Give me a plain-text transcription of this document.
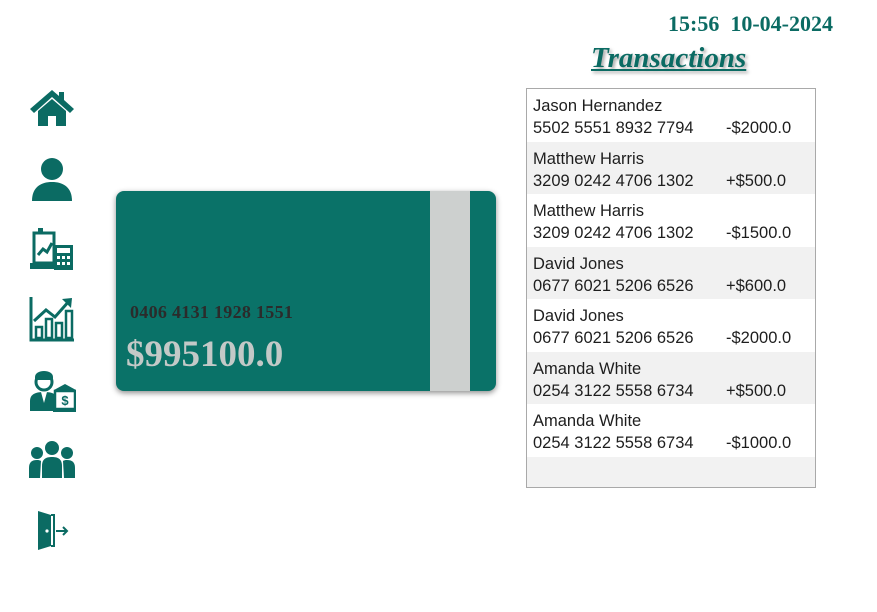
15:56  10-04-2024
Transactions
$
0406 4131 1928 1551
$995100.0
Jason Hernandez
5502 5551 8932 7794	-$2000.0
Matthew Harris
3209 0242 4706 1302	+$500.0
Matthew Harris
3209 0242 4706 1302	-$1500.0
David Jones
0677 6021 5206 6526	+$600.0
David Jones
0677 6021 5206 6526	-$2000.0
Amanda White
0254 3122 5558 6734	+$500.0
Amanda White
0254 3122 5558 6734	-$1000.0
